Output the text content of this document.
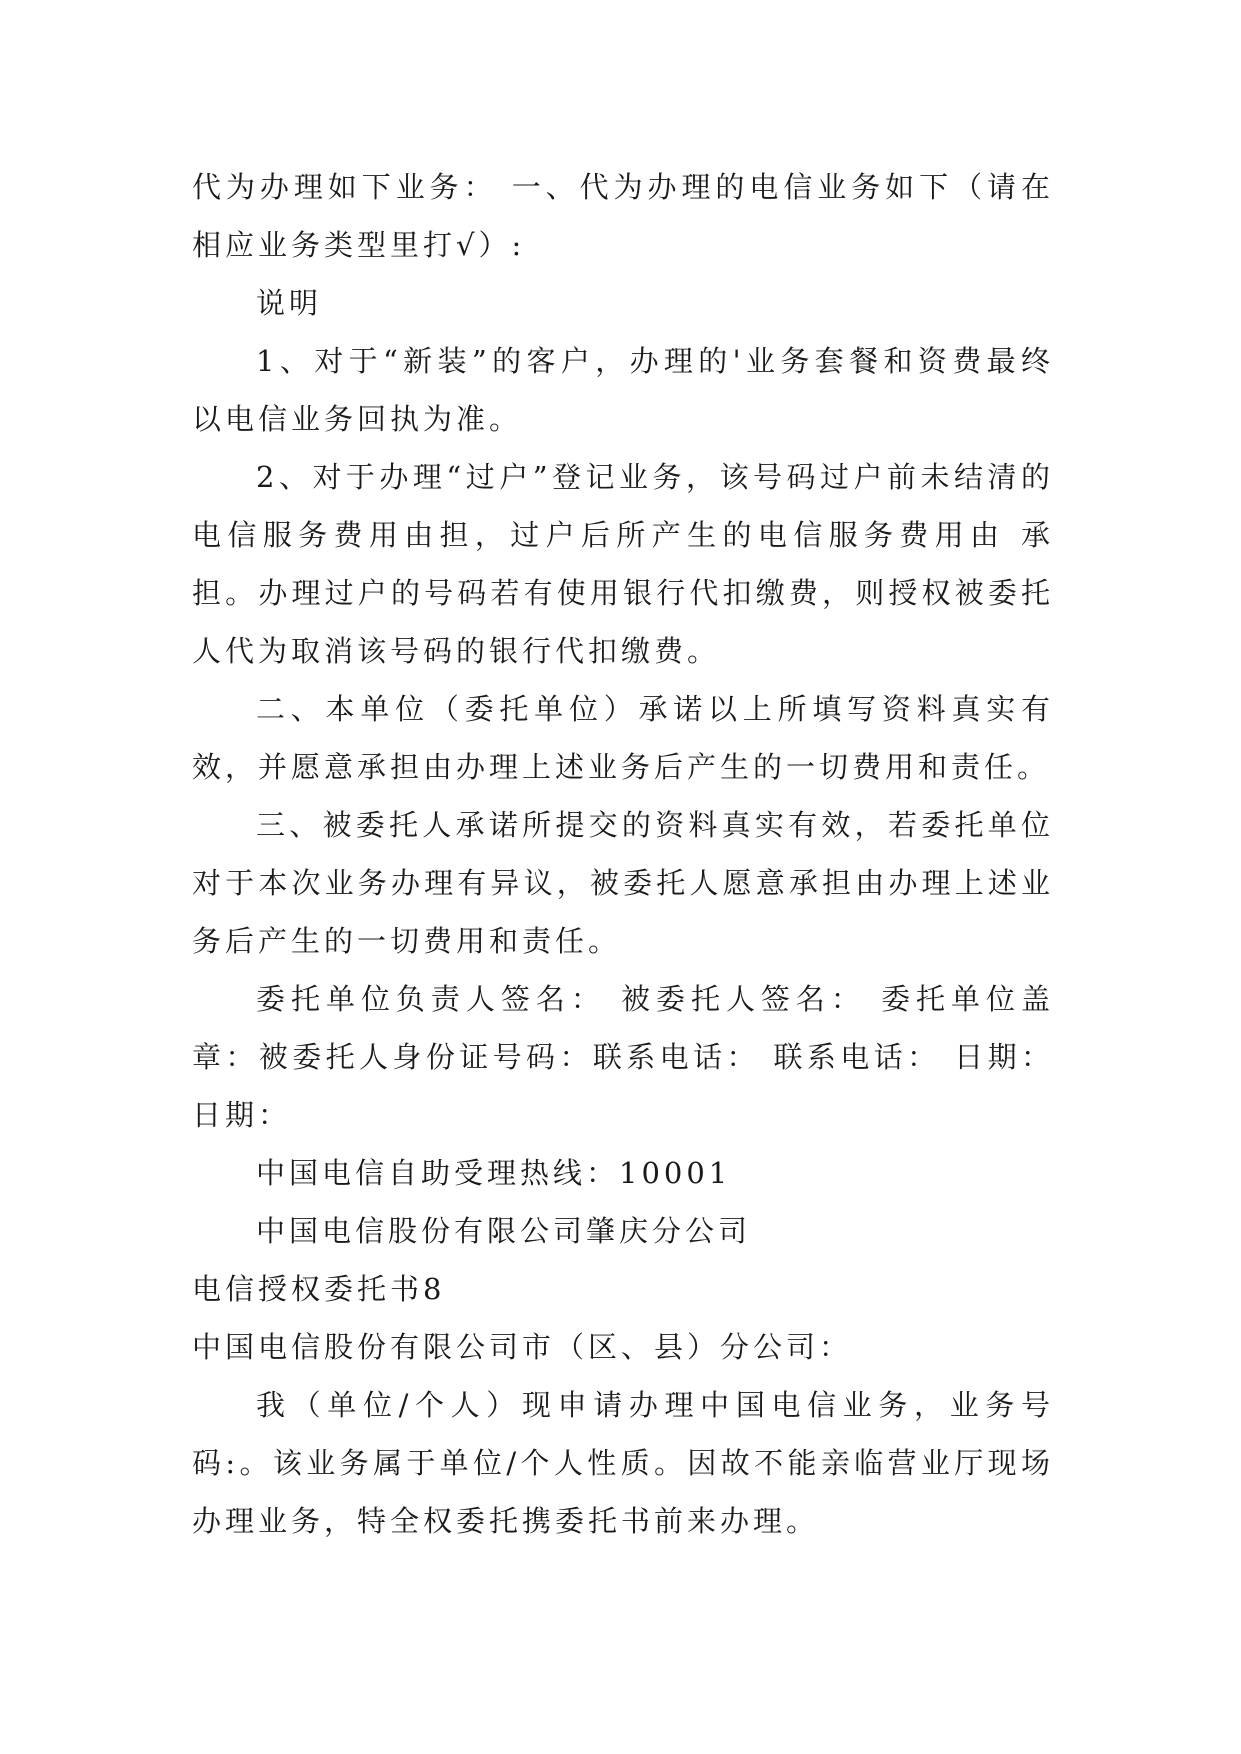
代为办理如下业务： 一、代为办理的电信业务如下（请在相应业务类型里打√）:

说明

1、对于“新装”的客户，办理的'业务套餐和资费最终以电信业务回执为准。

2、对于办理“过户”登记业务，该号码过户前未结清的电信服务费用由担，过户后所产生的电信服务费用由 承担。办理过户的号码若有使用银行代扣缴费，则授权被委托人代为取消该号码的银行代扣缴费。

二、本单位（委托单位）承诺以上所填写资料真实有效，并愿意承担由办理上述业务后产生的一切费用和责任。

三、被委托人承诺所提交的资料真实有效，若委托单位对于本次业务办理有异议，被委托人愿意承担由办理上述业务后产生的一切费用和责任。

委托单位负责人签名： 被委托人签名： 委托单位盖章：被委托人身份证号码：联系电话： 联系电话： 日期：日期：

中国电信自助受理热线：10001

中国电信股份有限公司肇庆分公司

电信授权委托书8

中国电信股份有限公司市（区、县）分公司：

我（单位/个人）现申请办理中国电信业务，业务号码:。该业务属于单位/个人性质。因故不能亲临营业厅现场办理业务，特全权委托携委托书前来办理。
